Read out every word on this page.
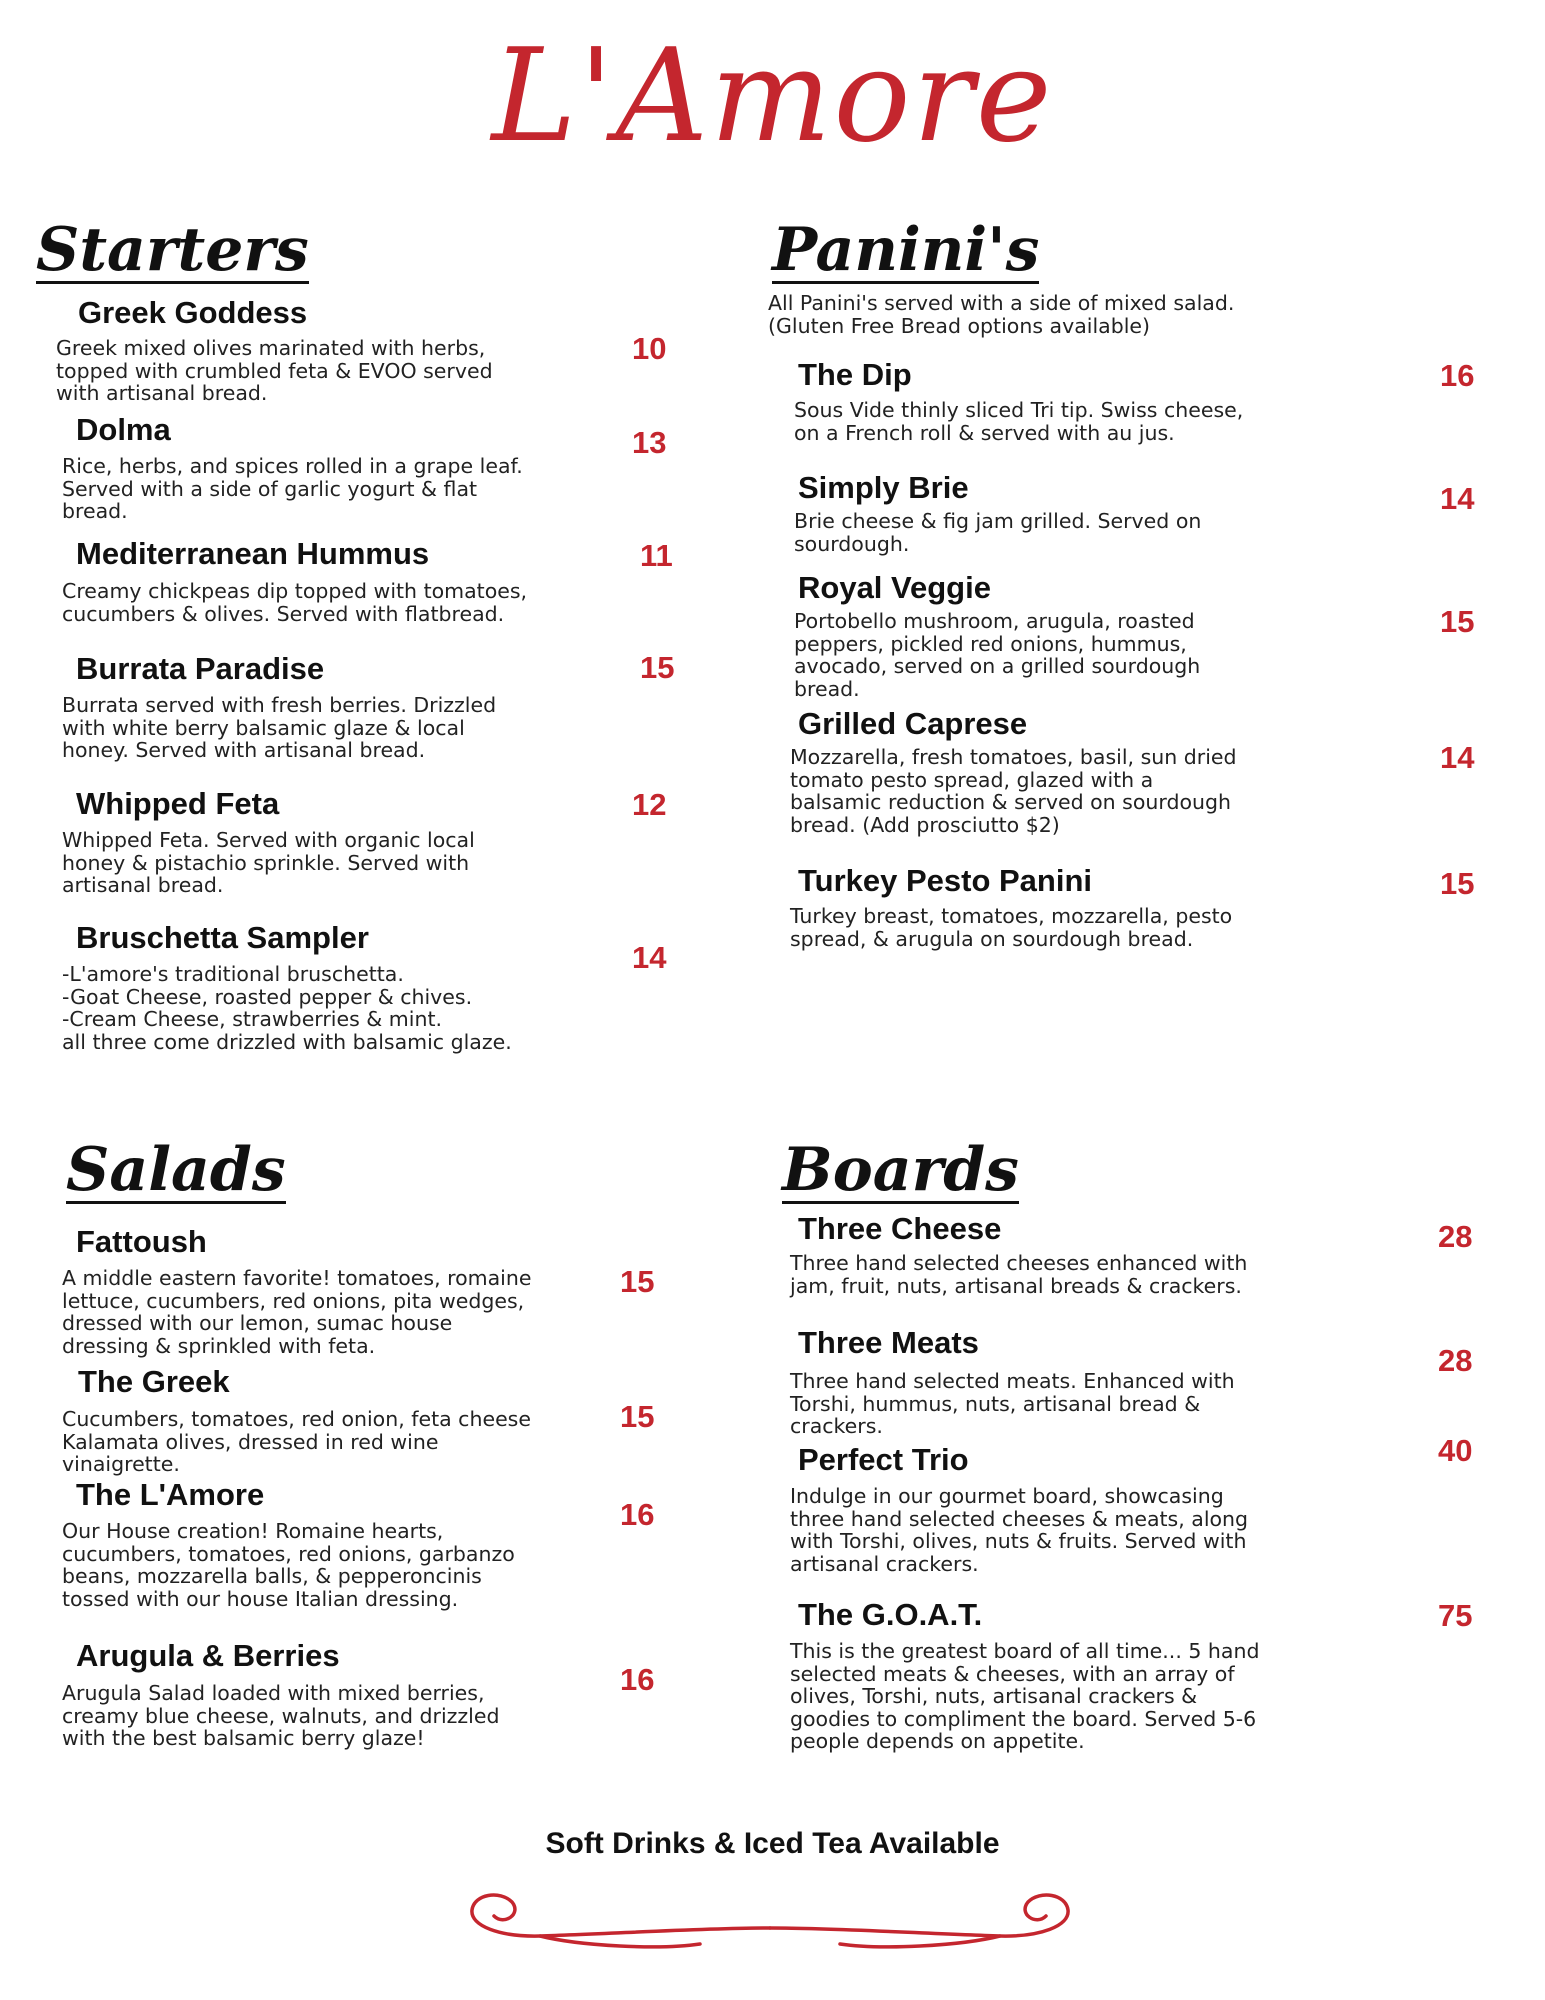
L'Amore
Starters
Greek Goddess
Greek mixed olives marinated with herbs,
topped with crumbled feta & EVOO served
with artisanal bread.
10
Dolma
Rice, herbs, and spices rolled in a grape leaf.
Served with a side of garlic yogurt & flat
bread.
13
Mediterranean Hummus
Creamy chickpeas dip topped with tomatoes,
cucumbers & olives. Served with flatbread.
11
Burrata Paradise
Burrata served with fresh berries. Drizzled
with white berry balsamic glaze & local
honey. Served with artisanal bread.
15
Whipped Feta
Whipped Feta. Served with organic local
honey & pistachio sprinkle. Served with
artisanal bread.
12
Bruschetta Sampler
-L'amore's traditional bruschetta.
-Goat Cheese, roasted pepper & chives.
-Cream Cheese, strawberries & mint.
all three come drizzled with balsamic glaze.
14
Panini's
All Panini's served with a side of mixed salad.
(Gluten Free Bread options available)
The Dip
Sous Vide thinly sliced Tri tip. Swiss cheese,
on a French roll & served with au jus.
16
Simply Brie
Brie cheese & fig jam grilled. Served on
sourdough.
14
Royal Veggie
Portobello mushroom, arugula, roasted
peppers, pickled red onions, hummus,
avocado, served on a grilled sourdough
bread.
15
Grilled Caprese
Mozzarella, fresh tomatoes, basil, sun dried
tomato pesto spread, glazed with a
balsamic reduction & served on sourdough
bread. (Add prosciutto $2)
14
Turkey Pesto Panini
Turkey breast, tomatoes, mozzarella, pesto
spread, & arugula on sourdough bread.
15
Salads
Fattoush
A middle eastern favorite! tomatoes, romaine
lettuce, cucumbers, red onions, pita wedges,
dressed with our lemon, sumac house
dressing & sprinkled with feta.
15
The Greek
Cucumbers, tomatoes, red onion, feta cheese
Kalamata olives, dressed in red wine
vinaigrette.
15
The L'Amore
Our House creation! Romaine hearts,
cucumbers, tomatoes, red onions, garbanzo
beans, mozzarella balls, & pepperoncinis
tossed with our house Italian dressing.
16
Arugula & Berries
Arugula Salad loaded with mixed berries,
creamy blue cheese, walnuts, and drizzled
with the best balsamic berry glaze!
16
Boards
Three Cheese
Three hand selected cheeses enhanced with
jam, fruit, nuts, artisanal breads & crackers.
28
Three Meats
Three hand selected meats. Enhanced with
Torshi, hummus, nuts, artisanal bread &
crackers.
28
Perfect Trio
Indulge in our gourmet board, showcasing
three hand selected cheeses & meats, along
with Torshi, olives, nuts & fruits. Served with
artisanal crackers.
40
The G.O.A.T.
This is the greatest board of all time... 5 hand
selected meats & cheeses, with an array of
olives, Torshi, nuts, artisanal crackers &
goodies to compliment the board. Served 5-6
people depends on appetite.
75
Soft Drinks & Iced Tea Available
